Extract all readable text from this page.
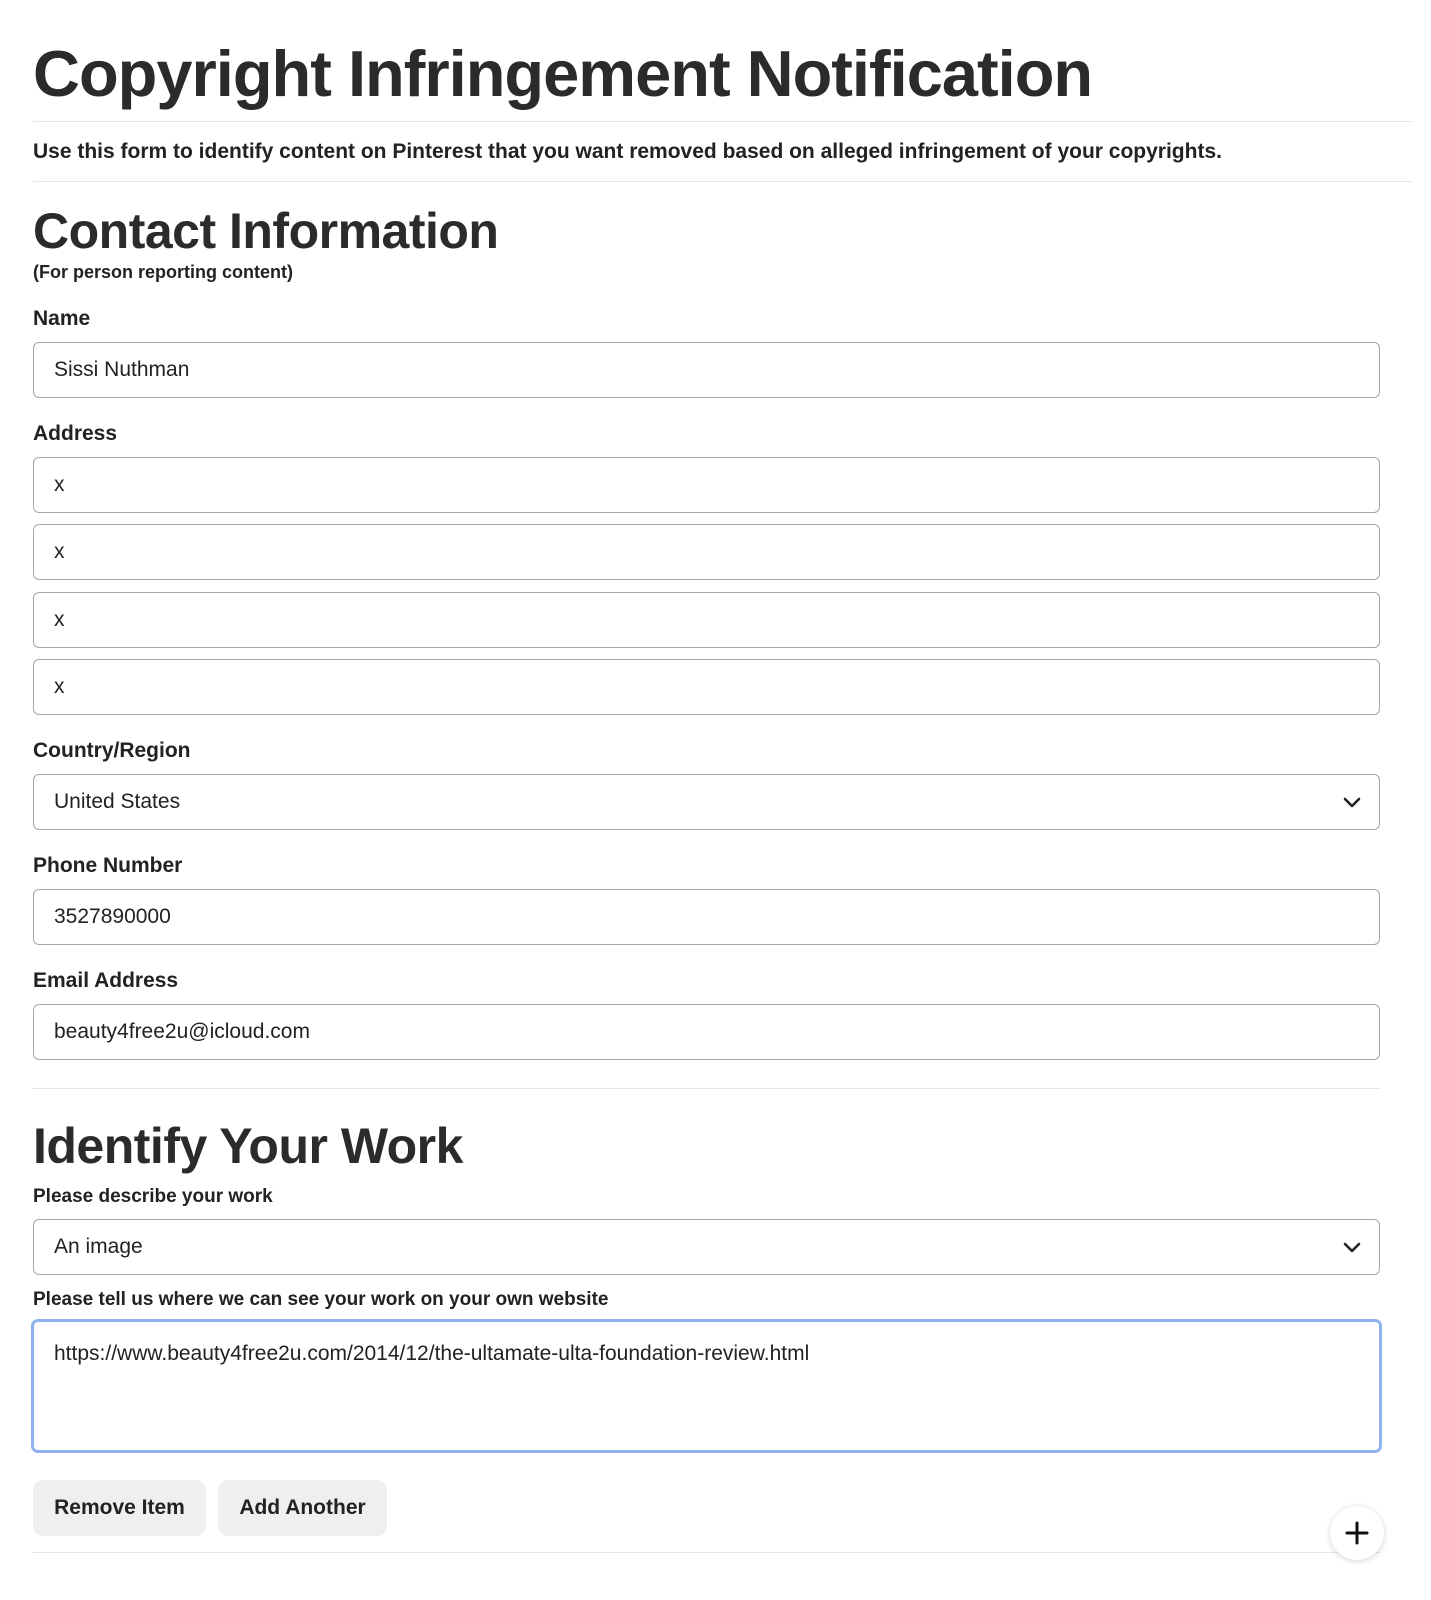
Copyright Infringement Notification
Use this form to identify content on Pinterest that you want removed based on alleged infringement of your copyrights.
Contact Information
(For person reporting content)
Name
Sissi Nuthman
Address
x
x
x
x
Country/Region
United States
Phone Number
3527890000
Email Address
beauty4free2u@icloud.com
Identify Your Work
Please describe your work
An image
Please tell us where we can see your work on your own website
https://www.beauty4free2u.com/2014/12/the-ultamate-ulta-foundation-review.html
Remove Item	Add Another
